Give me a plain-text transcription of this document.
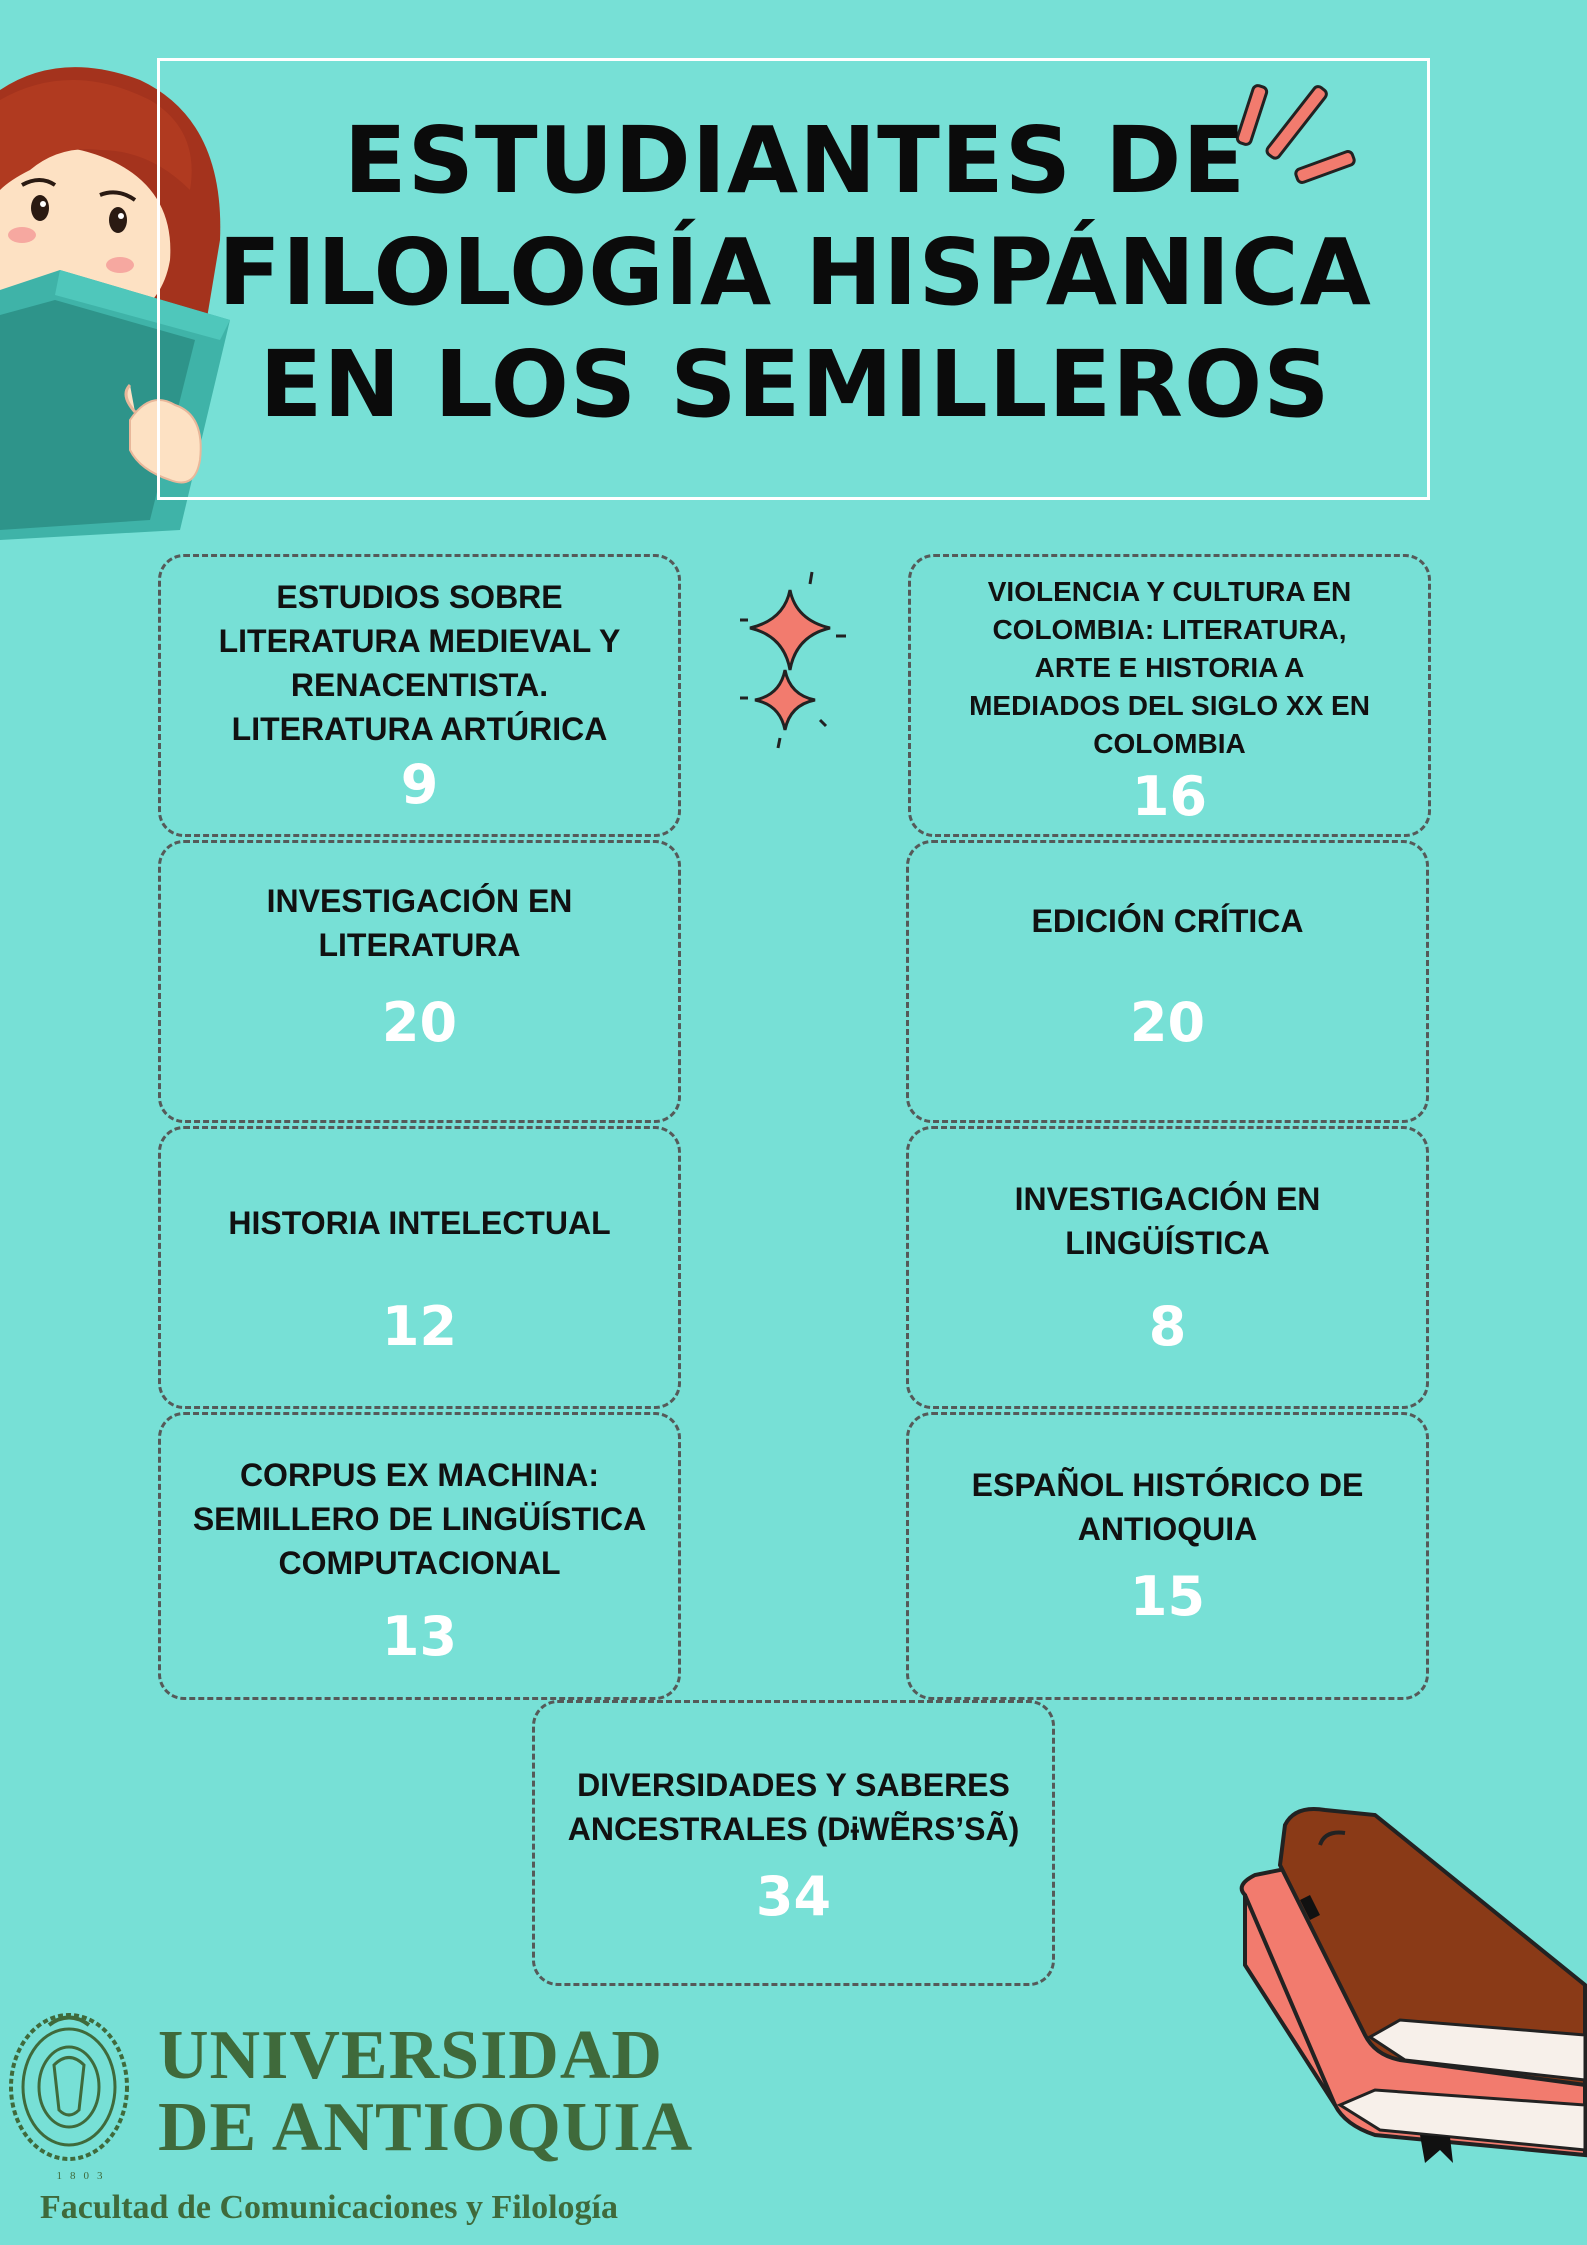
ESTUDIANTES DE
FILOLOGÍA HISPÁNICA
EN LOS SEMILLEROS
ESTUDIOS SOBRE LITERATURA MEDIEVAL Y RENACENTISTA. LITERATURA ARTÚRICA
9
VIOLENCIA Y CULTURA EN COLOMBIA: LITERATURA, ARTE E HISTORIA A MEDIADOS DEL SIGLO XX EN COLOMBIA
16
INVESTIGACIÓN EN LITERATURA
20
EDICIÓN CRÍTICA
20
HISTORIA INTELECTUAL
12
INVESTIGACIÓN EN LINGÜÍSTICA
8
CORPUS EX MACHINA: SEMILLERO DE LINGÜÍSTICA COMPUTACIONAL
13
ESPAÑOL HISTÓRICO DE ANTIOQUIA
15
DIVERSIDADES Y SABERES ANCESTRALES (DɨWẼRS’SÃ)
34
1803
UNIVERSIDAD
DE ANTIOQUIA
Facultad de Comunicaciones y Filología
